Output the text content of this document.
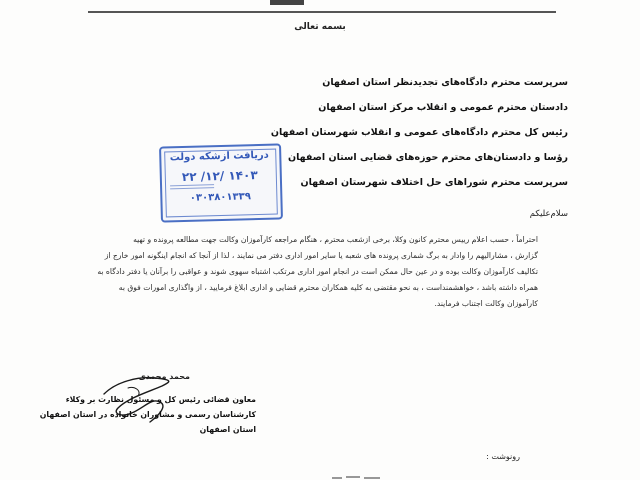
بسمه تعالی
سرپرست محترم دادگاه‌های تجدیدنظر استان اصفهان
دادستان محترم عمومی و انقلاب مرکز استان اصفهان
رئیس کل محترم دادگاه‌های عمومی و انقلاب شهرستان اصفهان
رؤسا و دادستان‌های محترم حوزه‌های قضایی استان اصفهان
سرپرست محترم شوراهای حل اختلاف شهرستان اصفهان
دریافت ازشکه دولت
۱۴۰۳ /۱۲/ ۲۲
۰۳۰۳۸۰۱۳۳۹
سلام‌علیکم
احتراماً ، حسب اعلام رییس محترم کانون وکلا، برخی ازشعب محترم ، هنگام مراجعه کارآموزان وکالت جهت مطالعه پرونده و تهیه
گزارش ، مشارالیهم را وادار به برگ شماری پرونده های شعبه یا سایر امور اداری دفتر می نمایند ، لذا از آنجا که انجام اینگونه امور خارج از
تکالیف کارآموزان وکالت بوده و در عین حال ممکن است در انجام امور اداری مرتکب اشتباه سهوی شوند و عواقبی را برآنان یا دفتر دادگاه به
همراه داشته باشد ، خواهشمنداست ، به نحو مقتضی به کلیه همکاران محترم قضایی و اداری ابلاغ فرمایید ، از واگذاری امورات فوق به
کارآموزان وکالت اجتناب فرمایند.
محمد محمدی
معاون قضائی رئیس کل و مسئول نظارت بر وکلاء
کارشناسان رسمی و مشاوران خانواده در استان اصفهان
استان اصفهان
رونوشت :
